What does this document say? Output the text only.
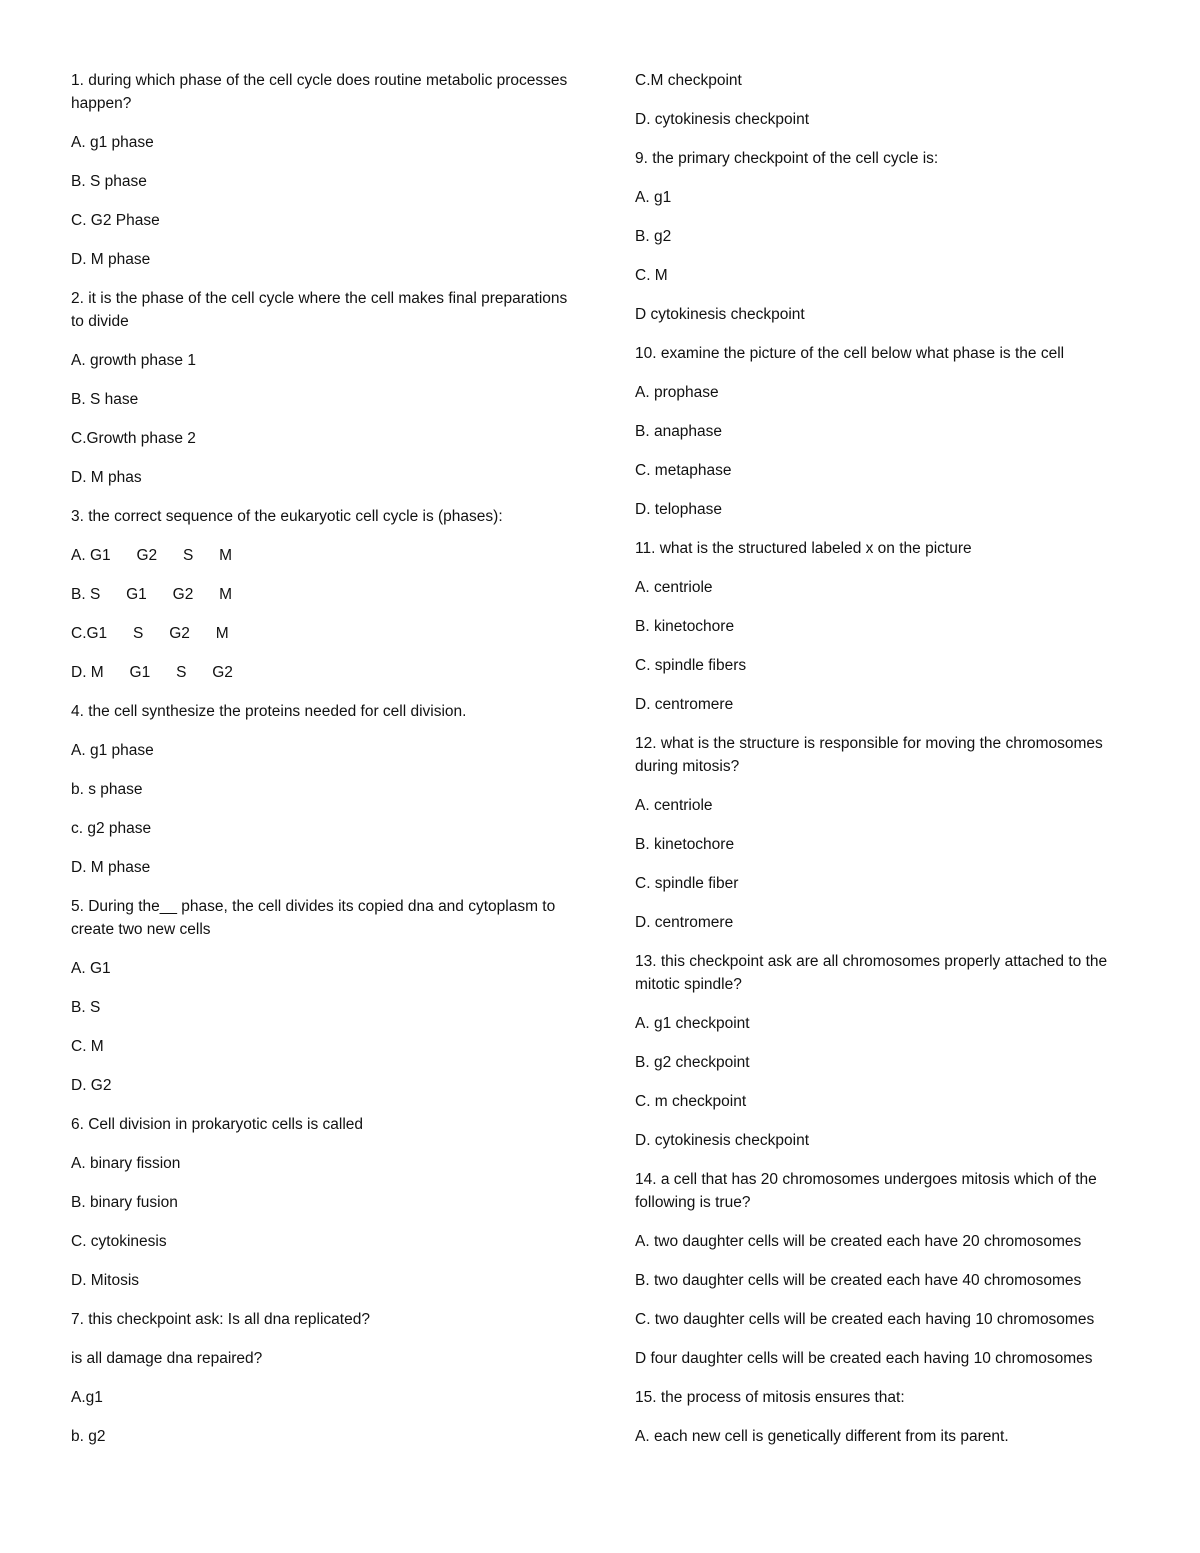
1. during which phase of the cell cycle does routine metabolic processes happen?

A. g1 phase

B. S phase

C. G2 Phase

D. M phase

2. it is the phase of the cell cycle where the cell makes final preparations to divide

A. growth phase 1

B. S hase

C.Growth phase 2

D. M phas

3. the correct sequence of the eukaryotic cell cycle is (phases):

A. G1      G2      S      M

B. S      G1      G2      M

C.G1      S      G2      M

D. M      G1      S      G2

4. the cell synthesize the proteins needed for cell division.

A. g1 phase

b. s phase

c. g2 phase

D. M phase

5. During the__ phase, the cell divides its copied dna and cytoplasm to create two new cells

A. G1

B. S

C. M

D. G2

6. Cell division in prokaryotic cells is called

A. binary fission

B. binary fusion

C. cytokinesis

D. Mitosis

7. this checkpoint ask: Is all dna replicated?

is all damage dna repaired?

A.g1

b. g2

C.M checkpoint

D. cytokinesis checkpoint

9. the primary checkpoint of the cell cycle is:

A. g1

B. g2

C. M

D cytokinesis checkpoint

10. examine the picture of the cell below what phase is the cell

A. prophase

B. anaphase

C. metaphase

D. telophase

11. what is the structured labeled x on the picture

A. centriole

B. kinetochore

C. spindle fibers

D. centromere

12. what is the structure is responsible for moving the chromosomes during mitosis?

A. centriole

B. kinetochore

C. spindle fiber

D. centromere

13. this checkpoint ask are all chromosomes properly attached to the mitotic spindle?

A. g1 checkpoint

B. g2 checkpoint

C. m checkpoint

D. cytokinesis checkpoint

14. a cell that has 20 chromosomes undergoes mitosis which of the following is true?

A. two daughter cells will be created each have 20 chromosomes

B. two daughter cells will be created each have 40 chromosomes

C. two daughter cells will be created each having 10 chromosomes

D four daughter cells will be created each having 10 chromosomes

15. the process of mitosis ensures that:

A. each new cell is genetically different from its parent.
